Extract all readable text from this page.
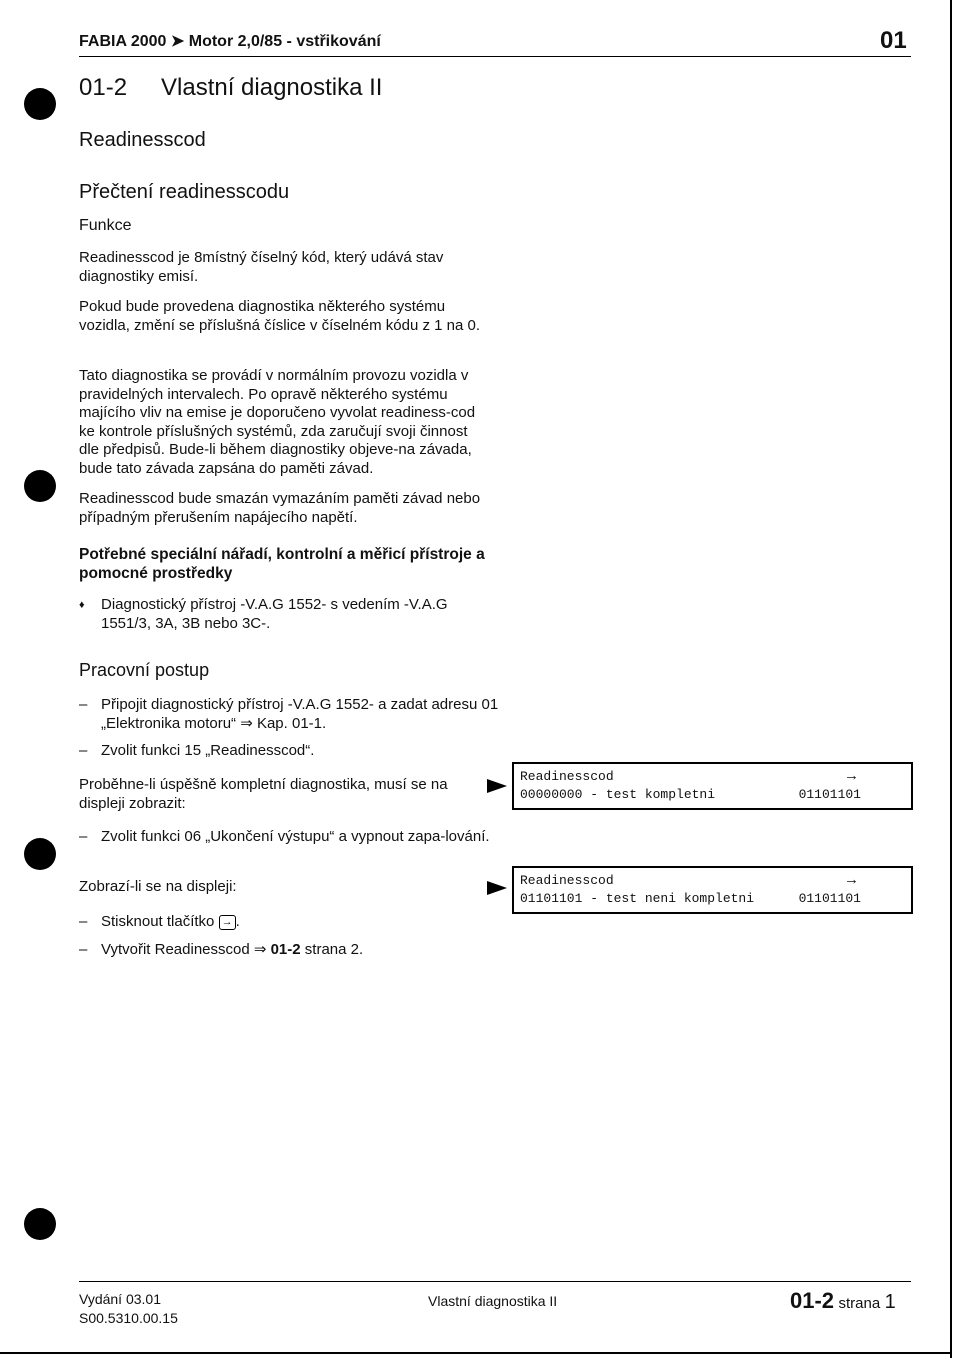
FABIA 2000 ➤ Motor 2,0/85 - vstřikování	01
01-2 Vlastní diagnostika II
Readinesscod
Přečtení readinesscodu
Funkce
Readinesscod je 8místný číselný kód, který udává stav diagnostiky emisí.
Pokud bude provedena diagnostika některého systému vozidla, změní se příslušná číslice v číselném kódu z 1 na 0.
Tato diagnostika se provádí v normálním provozu vozidla v pravidelných intervalech. Po opravě některého systému majícího vliv na emise je doporučeno vyvolat readiness-cod ke kontrole příslušných systémů, zda zaručují svoji činnost dle předpisů. Bude-li během diagnostiky objeve-na závada, bude tato závada zapsána do paměti závad.
Readinesscod bude smazán vymazáním paměti závad nebo případným přerušením napájecího napětí.
Potřebné speciální nářadí, kontrolní a měřicí přístroje a pomocné prostředky
♦ Diagnostický přístroj -V.A.G 1552- s vedením -V.A.G 1551/3, 3A, 3B nebo 3C-.
Pracovní postup
– Připojit diagnostický přístroj -V.A.G 1552- a zadat adresu 01 „Elektronika motoru“ ⇒ Kap. 01-1.
– Zvolit funkci 15 „Readinesscod“.
Proběhne-li úspěšně kompletní diagnostika, musí se na displeji zobrazit:
Readinesscod	→
00000000 - test kompletni	01101101
– Zvolit funkci 06 „Ukončení výstupu“ a vypnout zapa-lování.
Zobrazí-li se na displeji:	Readinesscod	→
01101101 - test neni kompletni	01101101
– Stisknout tlačítko → .
– Vytvořit Readinesscod ⇒ 01-2 strana 2.
Vydání 03.01
S00.5310.00.15
Vlastní diagnostika II	01-2 strana 1
